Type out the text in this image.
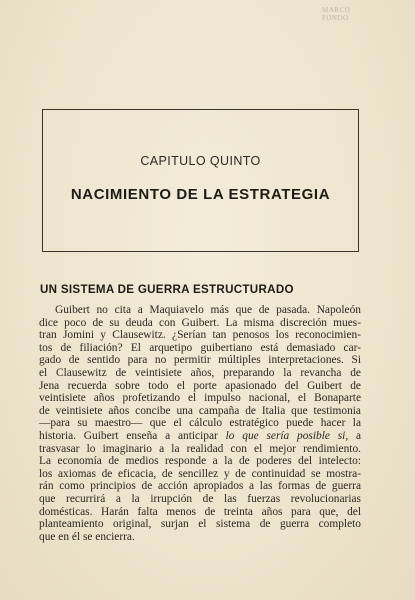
MARCO FONDO
CAPITULO QUINTO
NACIMIENTO DE LA ESTRATEGIA
UN SISTEMA DE GUERRA ESTRUCTURADO
Guibert no cita a Maquiavelo más que de pasada. Napoleón
dice poco de su deuda con Guibert. La misma discreción mues-
tran Jomini y Clausewitz. ¿Serían tan penosos los reconocimien-
tos de filiación? El arquetipo guibertiano está demasiado car-
gado de sentido para no permitir múltiples interpretaciones. Si
el Clausewitz de veintisiete años, preparando la revancha de
Jena recuerda sobre todo el porte apasionado del Guibert de
veintisiete años profetizando el impulso nacional, el Bonaparte
de veintisiete años concibe una campaña de Italia que testimonia
—para su maestro— que el cálculo estratégico puede hacer la
historia. Guibert enseña a anticipar lo que sería posible si, a
trasvasar lo imaginario a la realidad con el mejor rendimiento.
La economía de medios responde a la de poderes del intelecto:
los axiomas de eficacia, de sencillez y de continuidad se mostra-
rán como principios de acción apropiados a las formas de guerra
que recurrirá a la irrupción de las fuerzas revolucionarias
domésticas. Harán falta menos de treinta años para que, del
planteamiento original, surjan el sistema de guerra completo
que en él se encierra.
